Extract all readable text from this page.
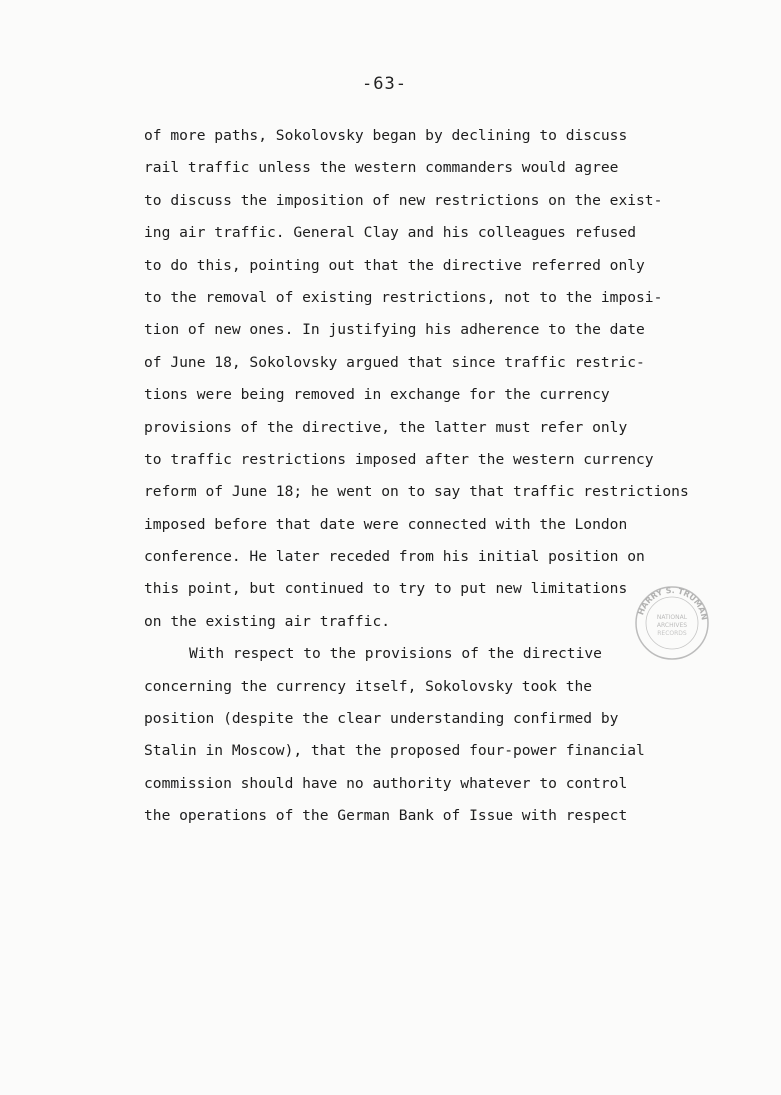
-63-
of more paths, Sokolovsky began by declining to discuss
rail traffic unless the western commanders would agree
to discuss the imposition of new restrictions on the exist-
ing air traffic. General Clay and his colleagues refused
to do this, pointing out that the directive referred only
to the removal of existing restrictions, not to the imposi-
tion of new ones. In justifying his adherence to the date
of June 18, Sokolovsky argued that since traffic restric-
tions were being removed in exchange for the currency
provisions of the directive, the latter must refer only
to traffic restrictions imposed after the western currency
reform of June 18; he went on to say that traffic restrictions
imposed before that date were connected with the London
conference. He later receded from his initial position on
this point, but continued to try to put new limitations
on the existing air traffic.
With respect to the provisions of the directive
concerning the currency itself, Sokolovsky took the
position (despite the clear understanding confirmed by
Stalin in Moscow), that the proposed four-power financial
commission should have no authority whatever to control
the operations of the German Bank of Issue with respect
HARRY S. TRUMAN
NATIONAL
ARCHIVES
RECORDS
